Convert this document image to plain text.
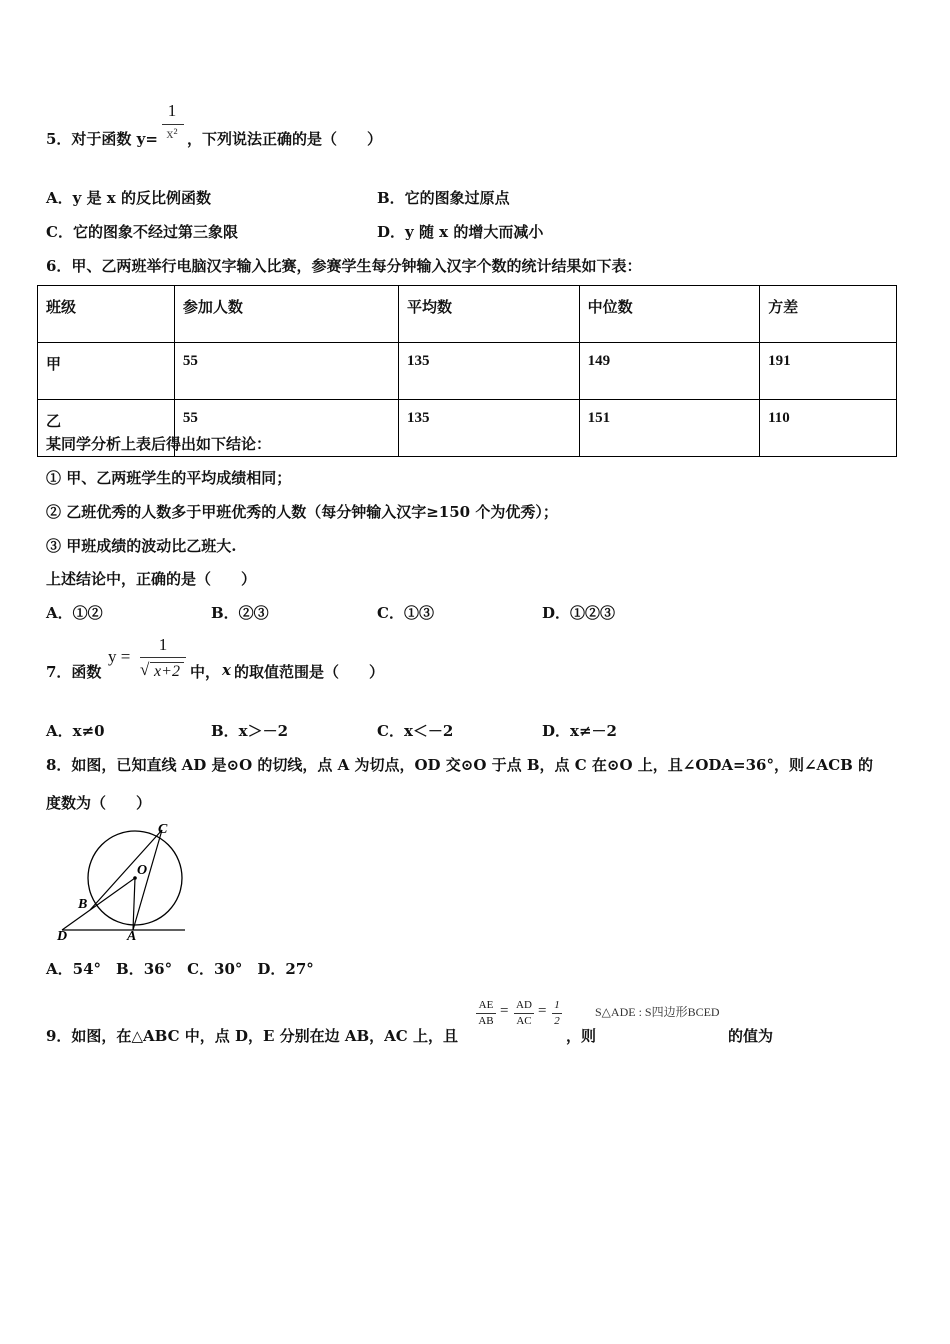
5．对于函数 y=
1
x² ，下列说法正确的是（　　）
A．y 是 x 的反比例函数	B．它的图象过原点
C．它的图象不经过第三象限	D．y 随 x 的增大而减小
6．甲、乙两班举行电脑汉字输入比赛，参赛学生每分钟输入汉字个数的统计结果如下表：
班级	参加人数	平均数	中位数	方差
甲	55	135	149	191
乙	55	135	151	110
某同学分析上表后得出如下结论：
① 甲、乙两班学生的平均成绩相同；
② 乙班优秀的人数多于甲班优秀的人数（每分钟输入汉字≥150 个为优秀）；
③ 甲班成绩的波动比乙班大.
上述结论中，正确的是（　　）
A．①②	B．②③	C．①③	D．①②③
7．函数
y =
1
√ x+2 中， x 的取值范围是（　　）
A．x≠0	B．x＞－2	C．x＜－2	D．x≠－2
8．如图，已知直线 AD 是⊙O 的切线，点 A 为切点，OD 交⊙O 于点 B，点 C 在⊙O 上，且∠ODA=36°，则∠ACB 的
度数为（　　）
C
O
B
D	A
A．54°　B．36°　C．30°　D．27°
9．如图，在△ABC 中，点 D，E 分别在边 AB，AC 上，且
AE
AB
= AD
AC
= 1
2
，则
S△ADE : S四边形BCED
的值为
